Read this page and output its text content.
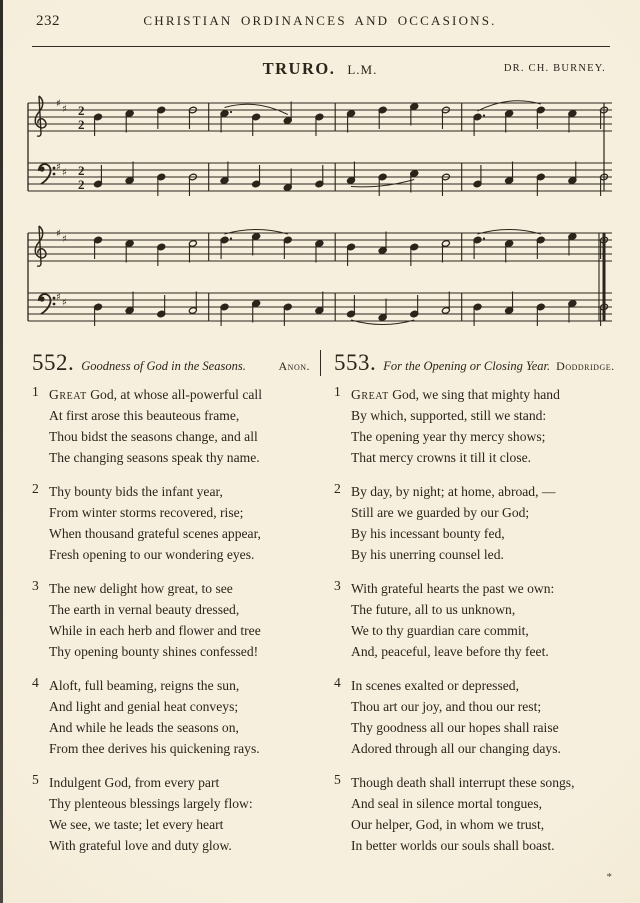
232	CHRISTIAN ORDINANCES AND OCCASIONS.
TRURO. L.M.	DR. CH. BURNEY.
♯ ♯
♯ ♯
2
2
2
2
♯ ♯
♯ ♯
552. Goodness of God in the Seasons.	Anon.
1 Great God, at whose all-powerful call
At first arose this beauteous frame,
Thou bidst the seasons change, and all
The changing seasons speak thy name.
2 Thy bounty bids the infant year,
From winter storms recovered, rise;
When thousand grateful scenes appear,
Fresh opening to our wondering eyes.
3 The new delight how great, to see
The earth in vernal beauty dressed,
While in each herb and flower and tree
Thy opening bounty shines confessed!
4 Aloft, full beaming, reigns the sun,
And light and genial heat conveys;
And while he leads the seasons on,
From thee derives his quickening rays.
5 Indulgent God, from every part
Thy plenteous blessings largely flow:
We see, we taste; let every heart
With grateful love and duty glow.
553. For the Opening or Closing Year. Doddridge.
1 Great God, we sing that mighty hand
By which, supported, still we stand:
The opening year thy mercy shows;
That mercy crowns it till it close.
2 By day, by night; at home, abroad, —
Still are we guarded by our God;
By his incessant bounty fed,
By his unerring counsel led.
3 With grateful hearts the past we own:
The future, all to us unknown,
We to thy guardian care commit,
And, peaceful, leave before thy feet.
4 In scenes exalted or depressed,
Thou art our joy, and thou our rest;
Thy goodness all our hopes shall raise
Adored through all our changing days.
5 Though death shall interrupt these songs,
And seal in silence mortal tongues,
Our helper, God, in whom we trust,
In better worlds our souls shall boast.
*
